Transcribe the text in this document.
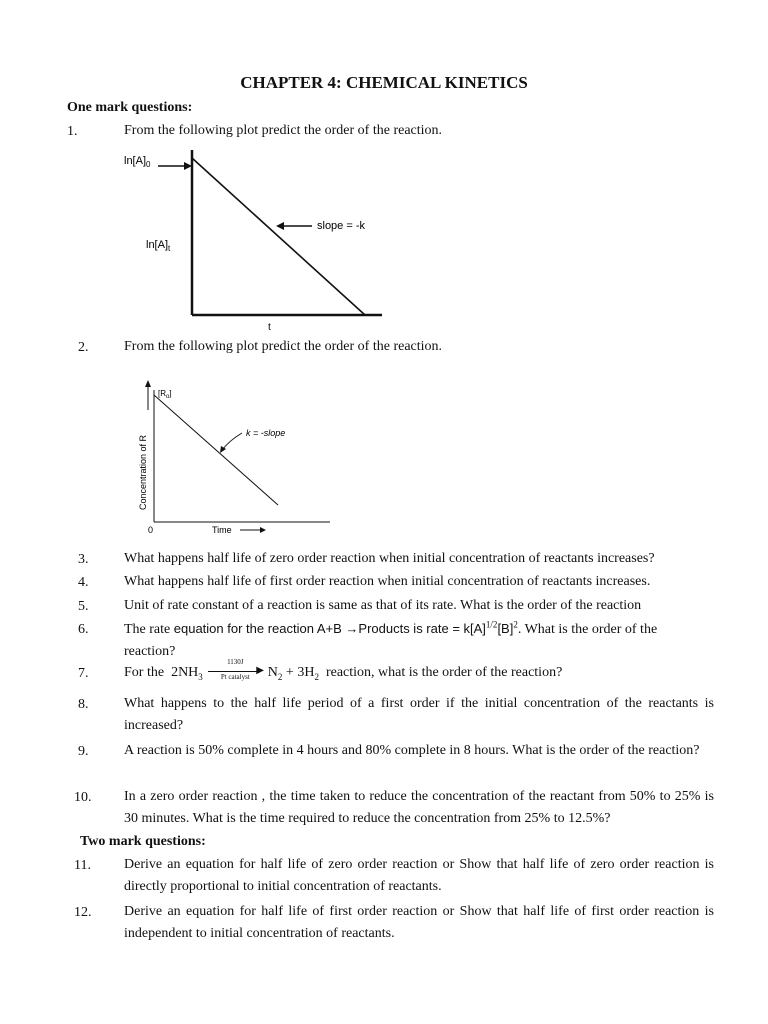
CHAPTER 4: CHEMICAL KINETICS
One mark questions:
1.	From the following plot predict the order of the reaction.
$\ln[A]_0$
$\ln[A]_t$
slope = -k
t
2.	From the following plot predict the order of the reaction.
$[R_o]$
k = -slope
Concentration of R
0	Time
3.	What happens half life of zero order reaction when initial concentration of reactants increases?
4.	What happens half life of first order reaction when initial concentration of reactants increases.
5.	Unit of rate constant of a reaction is same as that of its rate. What is the order of the reaction
6.	The rate equation for the reaction A+B →Products is rate = $k[A]^{1/2}[B]^2$. What is the order of the
reaction?
7.	For the $2NH_3$
1130J
▶
Pt catalyst	$N_2 + 3H_2$ reaction, what is the order of the reaction?
8.	What happens to the half life period of a first order if the initial concentration of the reactants is increased?
9.	A reaction is 50% complete in 4 hours and 80% complete in 8 hours. What is the order of the reaction?
10. In a zero order reaction , the time taken to reduce the concentration of the reactant from 50% to 25% is 30 minutes. What is the time required to reduce the concentration from 25% to 12.5%?
Two mark questions:
11. Derive an equation for half life of zero order reaction or Show that half life of zero order reaction is directly proportional to initial concentration of reactants.
12. Derive an equation for half life of first order reaction or Show that half life of first order reaction is independent to initial concentration of reactants.
